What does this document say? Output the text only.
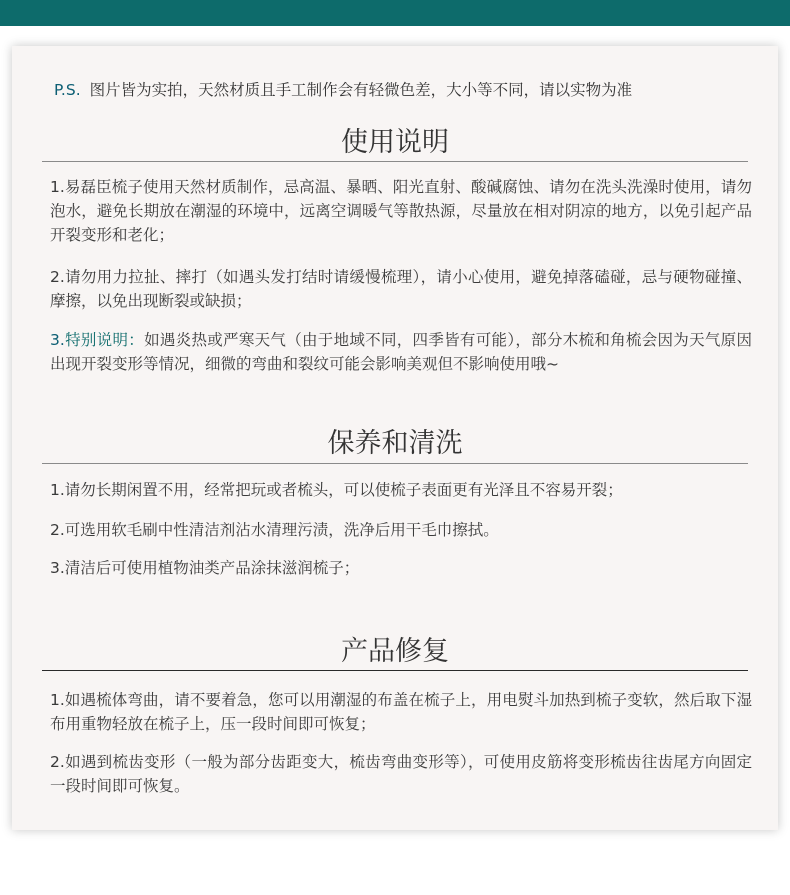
P.S. 图片皆为实拍，天然材质且手工制作会有轻微色差，大小等不同，请以实物为准
使用说明
1.易磊臣梳子使用天然材质制作，忌高温、暴晒、阳光直射、酸碱腐蚀、请勿在洗头洗澡时使用，请勿泡水，避免长期放在潮湿的环境中，远离空调暖气等散热源，尽量放在相对阴凉的地方，以免引起产品开裂变形和老化；
2.请勿用力拉扯、摔打（如遇头发打结时请缓慢梳理），请小心使用，避免掉落磕碰，忌与硬物碰撞、摩擦，以免出现断裂或缺损；
3.特别说明：如遇炎热或严寒天气（由于地域不同，四季皆有可能），部分木梳和角梳会因为天气原因出现开裂变形等情况，细微的弯曲和裂纹可能会影响美观但不影响使用哦~
保养和清洗
1.请勿长期闲置不用，经常把玩或者梳头，可以使梳子表面更有光泽且不容易开裂；
2.可选用软毛刷中性清洁剂沾水清理污渍，洗净后用干毛巾擦拭。
3.清洁后可使用植物油类产品涂抹滋润梳子；
产品修复
1.如遇梳体弯曲，请不要着急，您可以用潮湿的布盖在梳子上，用电熨斗加热到梳子变软，然后取下湿布用重物轻放在梳子上，压一段时间即可恢复；
2.如遇到梳齿变形（一般为部分齿距变大，梳齿弯曲变形等），可使用皮筋将变形梳齿往齿尾方向固定一段时间即可恢复。
